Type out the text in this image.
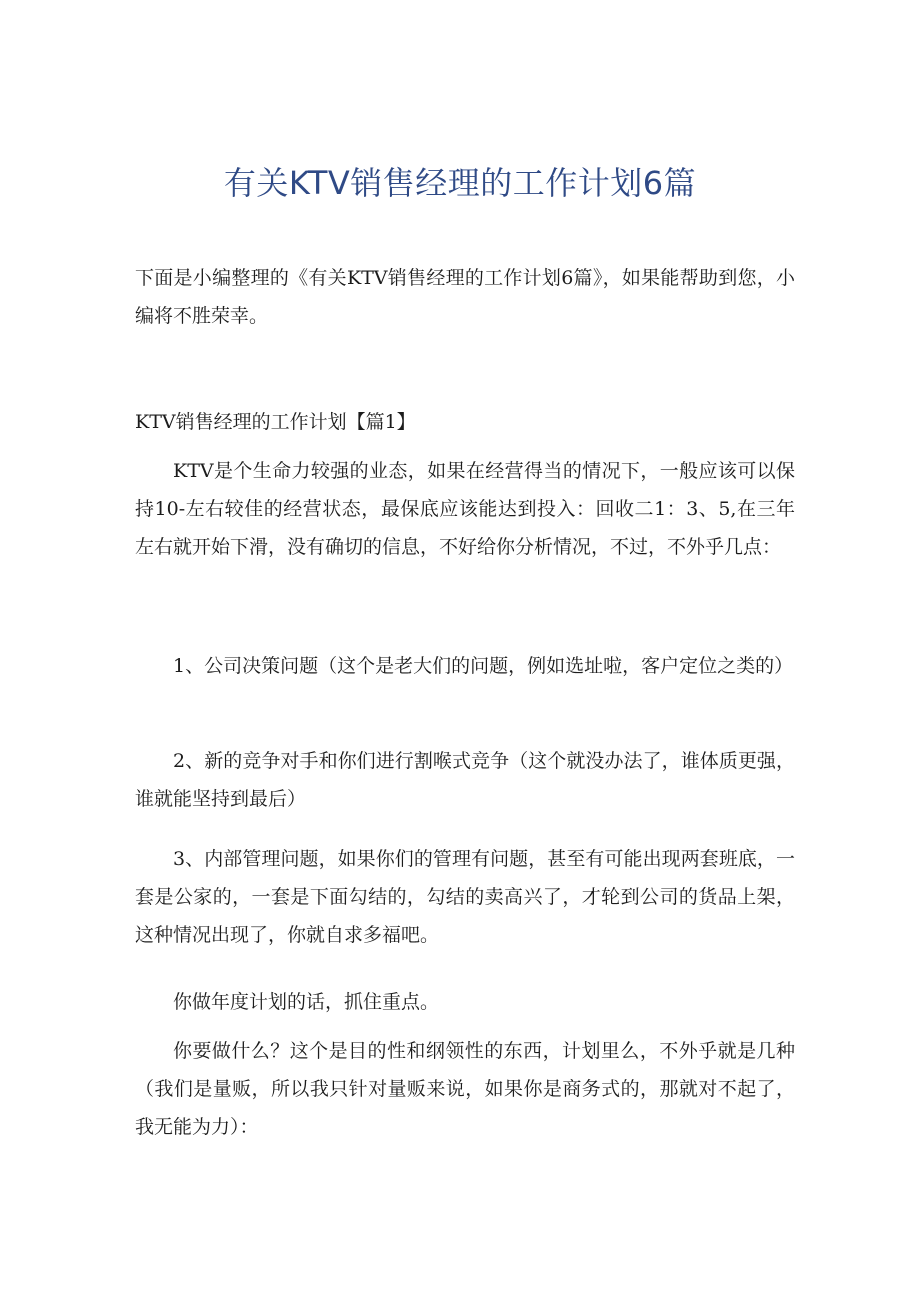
有关KTV销售经理的工作计划6篇

下面是小编整理的《有关KTV销售经理的工作计划6篇》，如果能帮助到您，小编将不胜荣幸。

KTV销售经理的工作计划【篇1】

KTV是个生命力较强的业态，如果在经营得当的情况下，一般应该可以保持10-左右较佳的经营状态，最保底应该能达到投入：回收二1：3、5,在三年左右就开始下滑，没有确切的信息，不好给你分析情况，不过，不外乎几点：

1、公司决策问题（这个是老大们的问题，例如选址啦，客户定位之类的）

2、新的竞争对手和你们进行割喉式竞争（这个就没办法了，谁体质更强，谁就能坚持到最后）

3、内部管理问题，如果你们的管理有问题，甚至有可能出现两套班底，一套是公家的，一套是下面勾结的，勾结的卖高兴了，才轮到公司的货品上架，这种情况出现了，你就自求多福吧。

你做年度计划的话，抓住重点。

你要做什么？这个是目的性和纲领性的东西，计划里么，不外乎就是几种（我们是量贩，所以我只针对量贩来说，如果你是商务式的，那就对不起了，我无能为力）：
